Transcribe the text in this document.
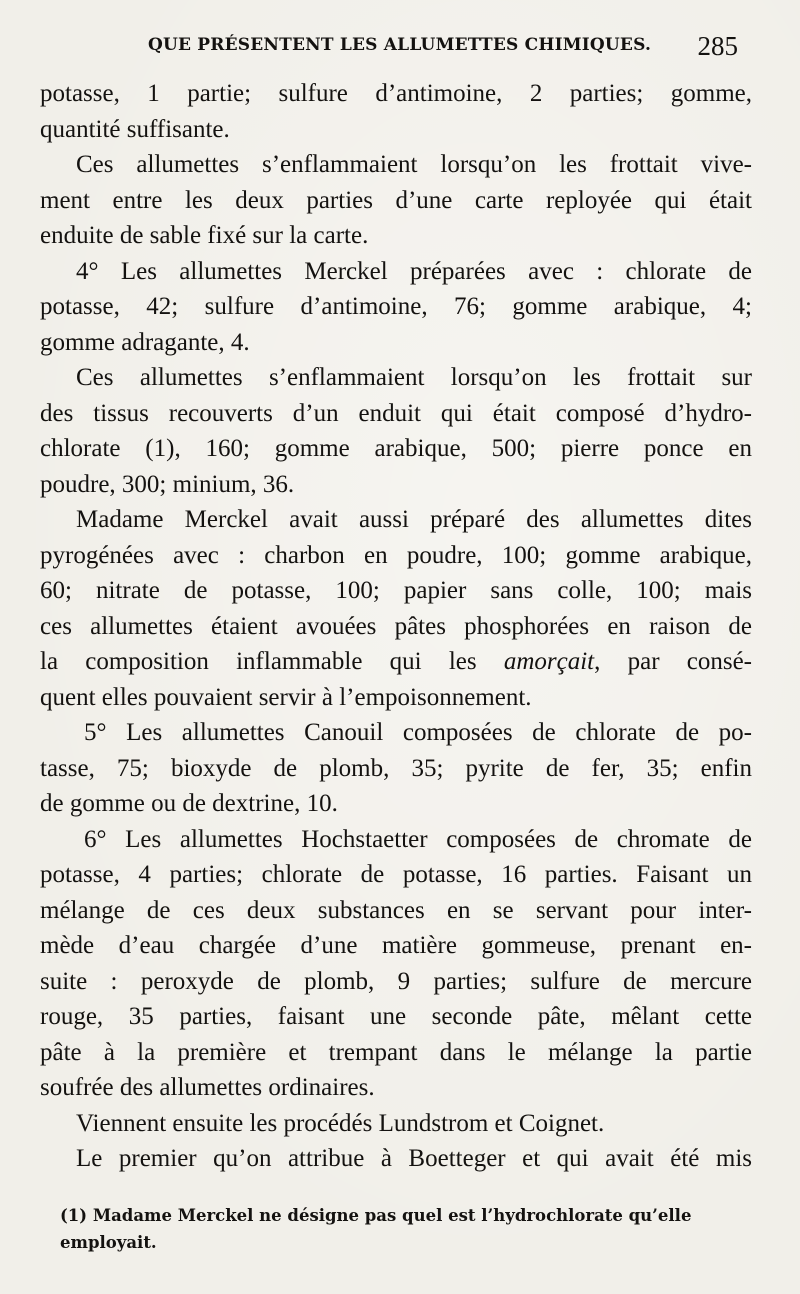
QUE PRÉSENTENT LES ALLUMETTES CHIMIQUES. 285
potasse, 1 partie; sulfure d’antimoine, 2 parties; gomme,
quantité suffisante.
Ces allumettes s’enflammaient lorsqu’on les frottait vive-
ment entre les deux parties d’une carte reployée qui était
enduite de sable fixé sur la carte.
4° Les allumettes Merckel préparées avec : chlorate de
potasse, 42; sulfure d’antimoine, 76; gomme arabique, 4;
gomme adragante, 4.
Ces allumettes s’enflammaient lorsqu’on les frottait sur
des tissus recouverts d’un enduit qui était composé d’hydro-
chlorate (1), 160; gomme arabique, 500; pierre ponce en
poudre, 300; minium, 36.
Madame Merckel avait aussi préparé des allumettes dites
pyrogénées avec : charbon en poudre, 100; gomme arabique,
60; nitrate de potasse, 100; papier sans colle, 100; mais
ces allumettes étaient avouées pâtes phosphorées en raison de
la composition inflammable qui les amorçait, par consé-
quent elles pouvaient servir à l’empoisonnement.
5° Les allumettes Canouil composées de chlorate de po-
tasse, 75; bioxyde de plomb, 35; pyrite de fer, 35; enfin
de gomme ou de dextrine, 10.
6° Les allumettes Hochstaetter composées de chromate de
potasse, 4 parties; chlorate de potasse, 16 parties. Faisant un
mélange de ces deux substances en se servant pour inter-
mède d’eau chargée d’une matière gommeuse, prenant en-
suite : peroxyde de plomb, 9 parties; sulfure de mercure
rouge, 35 parties, faisant une seconde pâte, mêlant cette
pâte à la première et trempant dans le mélange la partie
soufrée des allumettes ordinaires.
Viennent ensuite les procédés Lundstrom et Coignet.
Le premier qu’on attribue à Boetteger et qui avait été mis
(1) Madame Merckel ne désigne pas quel est l’hydrochlorate qu’elle
employait.
